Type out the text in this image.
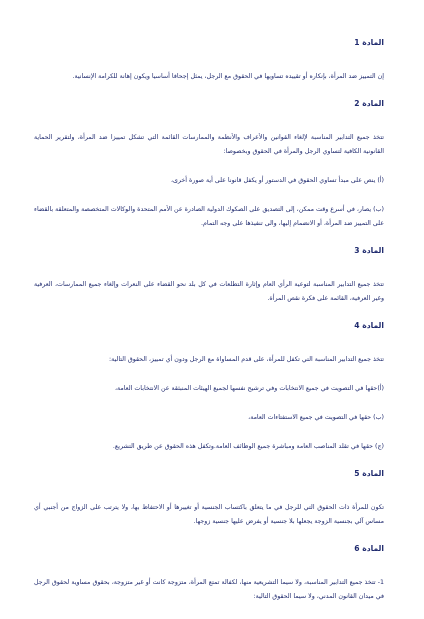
المادة 1
إن التمييز ضد المرأة، بإنكاره أو تقييده تساويها في الحقوق مع الرجل، يمثل إجحافا أساسيا ويكون إهانة للكرامة الإنسانية.
المادة 2
تتخذ جميع التدابير المناسبة لإلغاء القوانين والأعراف والأنظمة والممارسات القائمة التي تشكل تمييزا ضد المرأة، ولتقرير الحماية القانونية الكافية لتساوي الرجل والمرأة في الحقوق وبخصوصا:
(أ) ينص على مبدأ تساوي الحقوق في الدستور أو يكفل قانونا على أية صورة أخرى،
(ب) يصار، في أسرع وقت ممكن، إلى التصديق على الصكوك الدولية الصادرة عن الأمم المتحدة والوكالات المتخصصة والمتعلقة بالقضاء على التمييز ضد المرأة، أو الانضمام إليها، والى تنفيذها على وجه التمام.
المادة 3
تتخذ جميع التدابير المناسبة لتوعية الرأي العام وإثارة التطلعات في كل بلد نحو القضاء على النعرات وإلغاء جميع الممارسات، العرفية وغير العرفية، القائمة على فكرة نقص المرأة.
المادة 4
تتخذ جميع التدابير المناسبة التي تكفل للمرأة، على قدم المساواة مع الرجل ودون أي تمييز، الحقوق التالية:
(أ)حقها في التصويت في جميع الانتخابات وفي ترشيح نفسها لجميع الهيئات المنبثقة عن الانتخابات العامة،
(ب) حقها في التصويت في جميع الاستفتاءات العامة،
(ج) حقها في تقلد المناصب العامة ومباشرة جميع الوظائف العامة.وتكفل هذه الحقوق عن طريق التشريع.
المادة 5
تكون للمرأة ذات الحقوق التي للرجل في ما يتعلق باكتساب الجنسية أو تغييرها أو الاحتفاظ بها، ولا يترتب على الزواج من أجنبي أي مساس آلي بجنسية الزوجة يجعلها بلا جنسية أو يفرض عليها جنسية زوجها.
المادة 6
1- تتخذ جميع التدابير المناسبة، ولا سيما التشريعية منها، لكفالة تمتع المرأة، متزوجة كانت أو غير متزوجة، بحقوق مساوية لحقوق الرجل في ميدان القانون المدني، ولا سيما الحقوق التالية:
